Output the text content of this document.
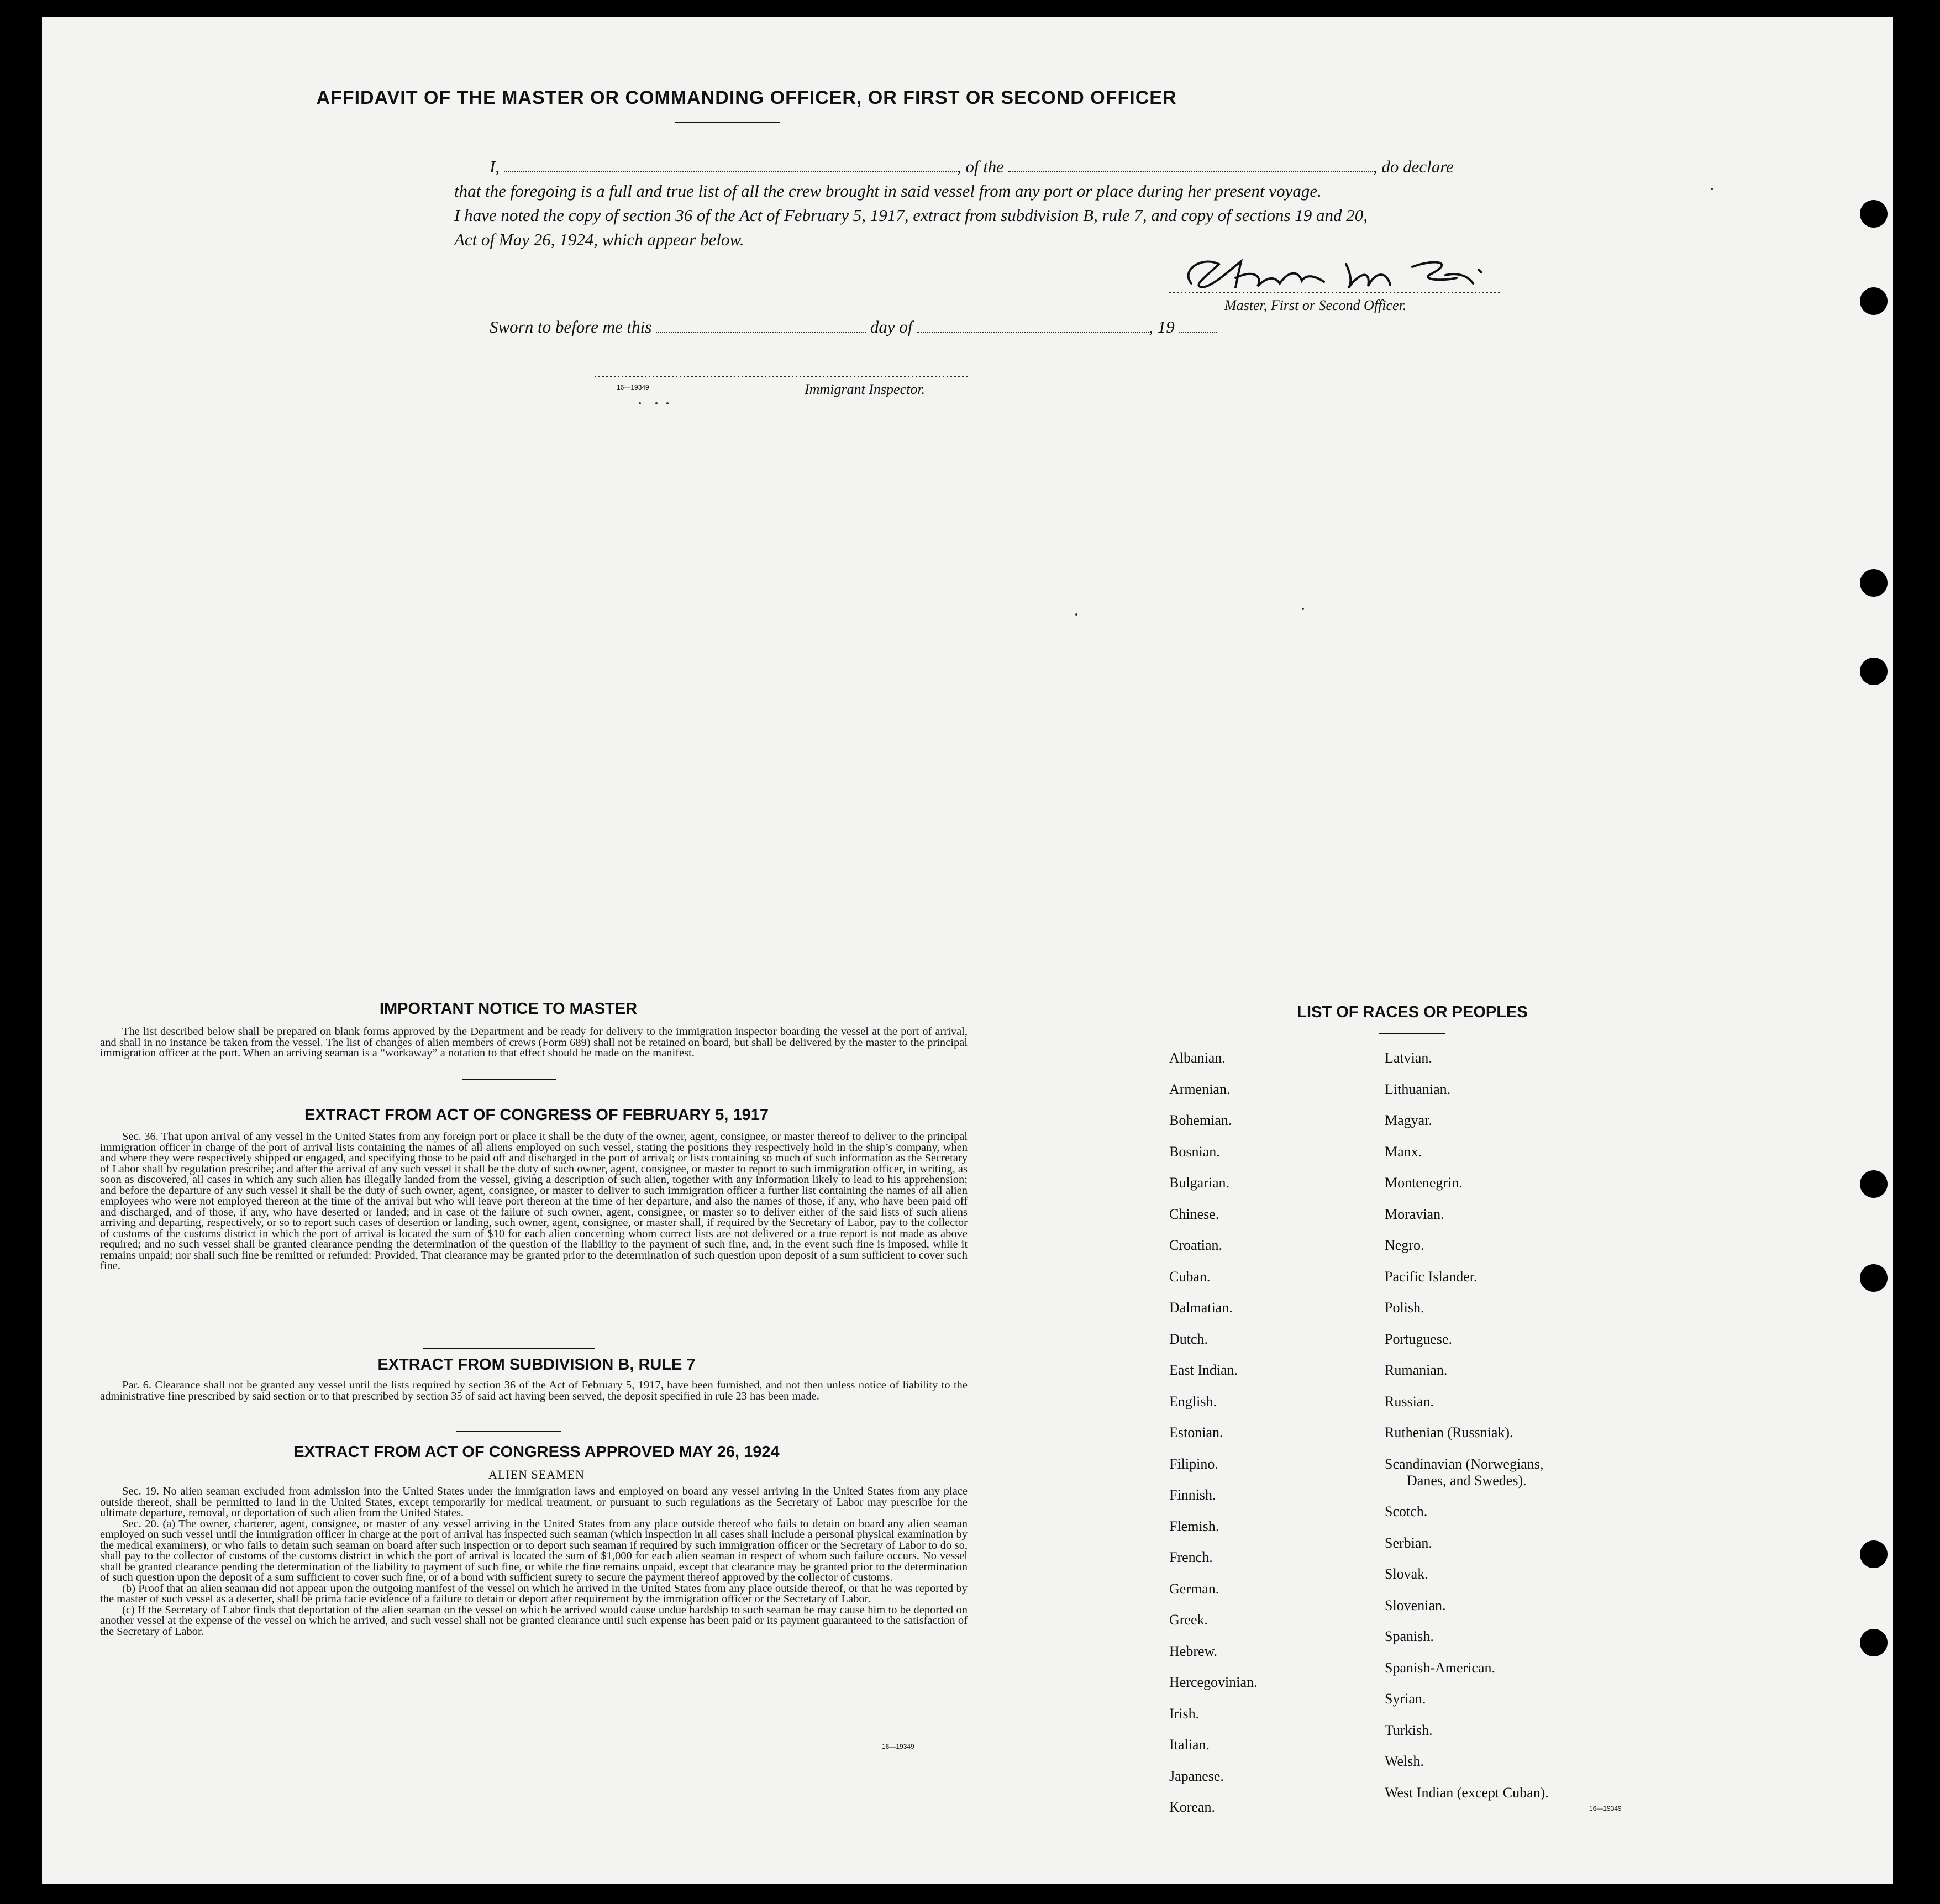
AFFIDAVIT OF THE MASTER OR COMMANDING OFFICER, OR FIRST OR SECOND OFFICER
I,	, of the	, do declare
that the foregoing is a full and true list of all the crew brought in said vessel from any port or place during her present voyage.
I have noted the copy of section 36 of the Act of February 5, 1917, extract from subdivision B, rule 7, and copy of sections 19 and 20,
Act of May 26, 1924, which appear below.
Master, First or Second Officer.
Sworn to before me this	day of	, 19
16—19349	Immigrant Inspector.
IMPORTANT NOTICE TO MASTER

The list described below shall be prepared on blank forms approved by the Department and be ready for delivery to the immigration inspector boarding the vessel at the port of arrival, and shall in no instance be taken from the vessel. The list of changes of alien members of crews (Form 689) shall not be retained on board, but shall be delivered by the master to the principal immigration officer at the port. When an arriving seaman is a “workaway” a notation to that effect should be made on the manifest.

EXTRACT FROM ACT OF CONGRESS OF FEBRUARY 5, 1917

Sec. 36. That upon arrival of any vessel in the United States from any foreign port or place it shall be the duty of the owner, agent, consignee, or master thereof to deliver to the principal immigration officer in charge of the port of arrival lists containing the names of all aliens employed on such vessel, stating the positions they respectively hold in the ship’s company, when and where they were respectively shipped or engaged, and specifying those to be paid off and discharged in the port of arrival; or lists containing so much of such information as the Secretary of Labor shall by regulation prescribe; and after the arrival of any such vessel it shall be the duty of such owner, agent, consignee, or master to report to such immigration officer, in writing, as soon as discovered, all cases in which any such alien has illegally landed from the vessel, giving a description of such alien, together with any information likely to lead to his apprehension; and before the departure of any such vessel it shall be the duty of such owner, agent, consignee, or master to deliver to such immigration officer a further list containing the names of all alien employees who were not employed thereon at the time of the arrival but who will leave port thereon at the time of her departure, and also the names of those, if any, who have been paid off and discharged, and of those, if any, who have deserted or landed; and in case of the failure of such owner, agent, consignee, or master so to deliver either of the said lists of such aliens arriving and departing, respectively, or so to report such cases of desertion or landing, such owner, agent, consignee, or master shall, if required by the Secretary of Labor, pay to the collector of customs of the customs district in which the port of arrival is located the sum of $10 for each alien concerning whom correct lists are not delivered or a true report is not made as above required; and no such vessel shall be granted clearance pending the determination of the question of the liability to the payment of such fine, and, in the event such fine is imposed, while it remains unpaid; nor shall such fine be remitted or refunded: Provided, That clearance may be granted prior to the determination of such question upon deposit of a sum sufficient to cover such fine.

EXTRACT FROM SUBDIVISION B, RULE 7

Par. 6. Clearance shall not be granted any vessel until the lists required by section 36 of the Act of February 5, 1917, have been furnished, and not then unless notice of liability to the administrative fine prescribed by said section or to that prescribed by section 35 of said act having been served, the deposit specified in rule 23 has been made.

EXTRACT FROM ACT OF CONGRESS APPROVED MAY 26, 1924
ALIEN SEAMEN

Sec. 19. No alien seaman excluded from admission into the United States under the immigration laws and employed on board any vessel arriving in the United States from any place outside thereof, shall be permitted to land in the United States, except temporarily for medical treatment, or pursuant to such regulations as the Secretary of Labor may prescribe for the ultimate departure, removal, or deportation of such alien from the United States.

Sec. 20. (a) The owner, charterer, agent, consignee, or master of any vessel arriving in the United States from any place outside thereof who fails to detain on board any alien seaman employed on such vessel until the immigration officer in charge at the port of arrival has inspected such seaman (which inspection in all cases shall include a personal physical examination by the medical examiners), or who fails to detain such seaman on board after such inspection or to deport such seaman if required by such immigration officer or the Secretary of Labor to do so, shall pay to the collector of customs of the customs district in which the port of arrival is located the sum of $1,000 for each alien seaman in respect of whom such failure occurs. No vessel shall be granted clearance pending the determination of the liability to payment of such fine, or while the fine remains unpaid, except that clearance may be granted prior to the determination of such question upon the deposit of a sum sufficient to cover such fine, or of a bond with sufficient surety to secure the payment thereof approved by the collector of customs.

(b) Proof that an alien seaman did not appear upon the outgoing manifest of the vessel on which he arrived in the United States from any place outside thereof, or that he was reported by the master of such vessel as a deserter, shall be prima facie evidence of a failure to detain or deport after requirement by the immigration officer or the Secretary of Labor.

(c) If the Secretary of Labor finds that deportation of the alien seaman on the vessel on which he arrived would cause undue hardship to such seaman he may cause him to be deported on another vessel at the expense of the vessel on which he arrived, and such vessel shall not be granted clearance until such expense has been paid or its payment guaranteed to the satisfaction of the Secretary of Labor.

16—19349
LIST OF RACES OR PEOPLES
Albanian.
Armenian.
Bohemian.
Bosnian.
Bulgarian.
Chinese.
Croatian.
Cuban.
Dalmatian.
Dutch.
East Indian.
English.
Estonian.
Filipino.
Finnish.
Flemish.
French.
German.
Greek.
Hebrew.
Hercegovinian.
Irish.
Italian.
Japanese.
Korean.
Latvian.
Lithuanian.
Magyar.
Manx.
Montenegrin.
Moravian.
Negro.
Pacific Islander.
Polish.
Portuguese.
Rumanian.
Russian.
Ruthenian (Russniak).
Scandinavian (Norwegians,
Danes, and Swedes).
Scotch.
Serbian.
Slovak.
Slovenian.
Spanish.
Spanish-American.
Syrian.
Turkish.
Welsh.
West Indian (except Cuban).
16—19349
